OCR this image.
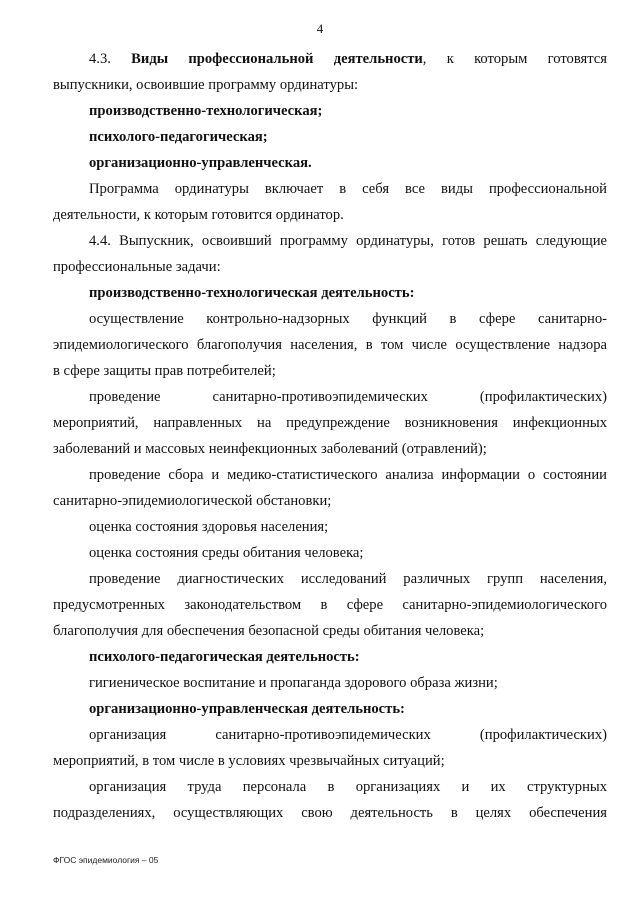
4
4.3. Виды профессиональной деятельности, к которым готовятся
выпускники, освоившие программу ординатуры:
производственно-технологическая;
психолого-педагогическая;
организационно-управленческая.
Программа ординатуры включает в себя все виды профессиональной
деятельности, к которым готовится ординатор.
4.4. Выпускник, освоивший программу ординатуры, готов решать следующие
профессиональные задачи:
производственно-технологическая деятельность:
осуществление контрольно-надзорных функций в сфере санитарно-
эпидемиологического благополучия населения, в том числе осуществление надзора
в сфере защиты прав потребителей;
проведение санитарно-противоэпидемических (профилактических)
мероприятий, направленных на предупреждение возникновения инфекционных
заболеваний и массовых неинфекционных заболеваний (отравлений);
проведение сбора и медико-статистического анализа информации о состоянии
санитарно-эпидемиологической обстановки;
оценка состояния здоровья населения;
оценка состояния среды обитания человека;
проведение диагностических исследований различных групп населения,
предусмотренных законодательством в сфере санитарно-эпидемиологического
благополучия для обеспечения безопасной среды обитания человека;
психолого-педагогическая деятельность:
гигиеническое воспитание и пропаганда здорового образа жизни;
организационно-управленческая деятельность:
организация санитарно-противоэпидемических (профилактических)
мероприятий, в том числе в условиях чрезвычайных ситуаций;
организация труда персонала в организациях и их структурных
подразделениях, осуществляющих свою деятельность в целях обеспечения
ФГОС эпидемиология – 05
